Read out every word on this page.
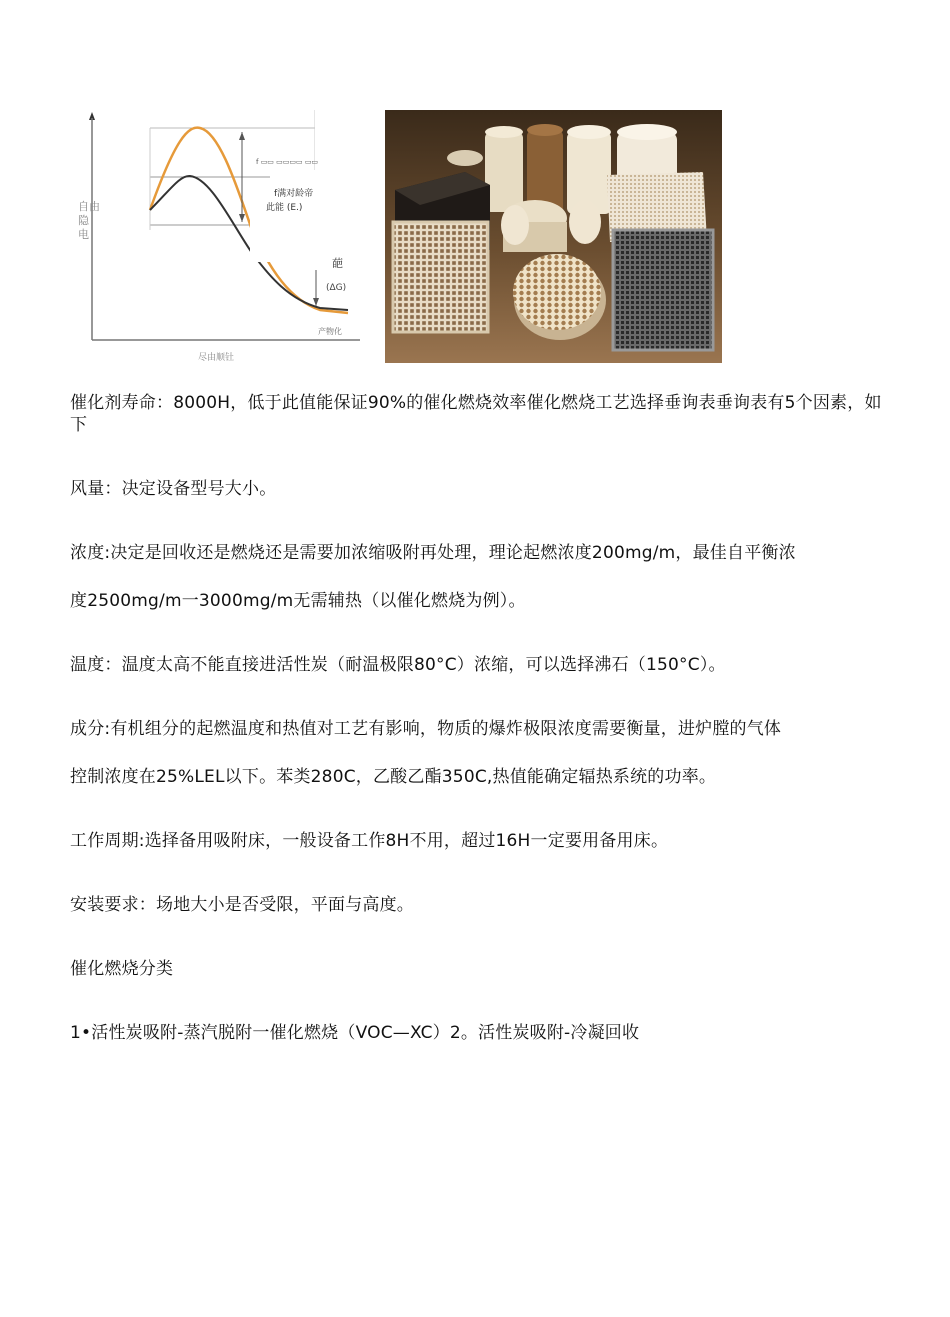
自由
隐
电
f ▭▭ ▭▭▭▭ ▭▭
f满对龄帝
此能 (E.)
葩
(ΔG)
产物化
尽由顺钍

催化剂寿命：8000H，低于此值能保证90%的催化燃烧效率催化燃烧工艺选择垂询表垂询表有5个因素，如下

风量：决定设备型号大小。

浓度:决定是回收还是燃烧还是需要加浓缩吸附再处理，理论起燃浓度200mg/m，最佳自平衡浓

度2500mg/m一3000mg/m无需辅热（以催化燃烧为例）。

温度：温度太高不能直接进活性炭（耐温极限80°C）浓缩，可以选择沸石（150°C）。

成分:有机组分的起燃温度和热值对工艺有影响，物质的爆炸极限浓度需要衡量，进炉膛的气体

控制浓度在25%LEL以下。苯类280C，乙酸乙酯350C,热值能确定辐热系统的功率。

工作周期:选择备用吸附床，一般设备工作8H不用，超过16H一定要用备用床。

安装要求：场地大小是否受限，平面与高度。

催化燃烧分类

1•活性炭吸附-蒸汽脱附一催化燃烧（VOC—XC）2。活性炭吸附-冷凝回收
